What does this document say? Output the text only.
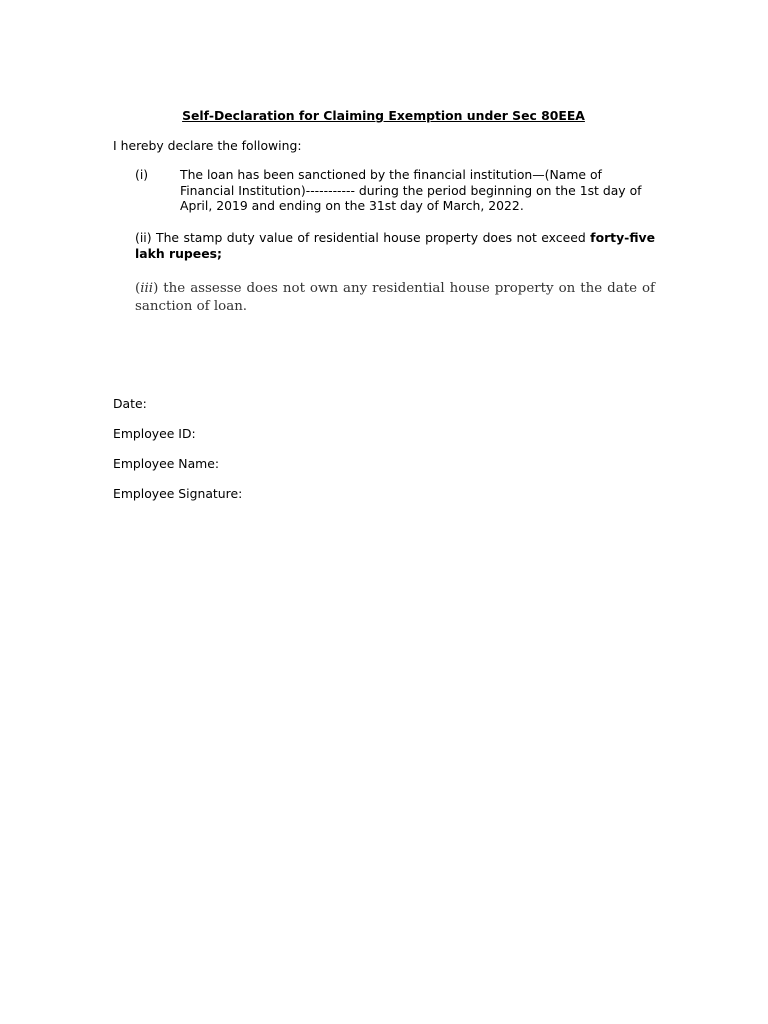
Self-Declaration for Claiming Exemption under Sec 80EEA

I hereby declare the following:

(i)	The loan has been sanctioned by the financial institution—(Name of Financial Institution)----------- during the period beginning on the 1st day of April, 2019 and ending on the 31st day of March, 2022.

(ii) The stamp duty value of residential house property does not exceed forty-five lakh rupees;

(iii) the assesse does not own any residential house property on the date of sanction of loan.

Date:

Employee ID:

Employee Name:

Employee Signature:
